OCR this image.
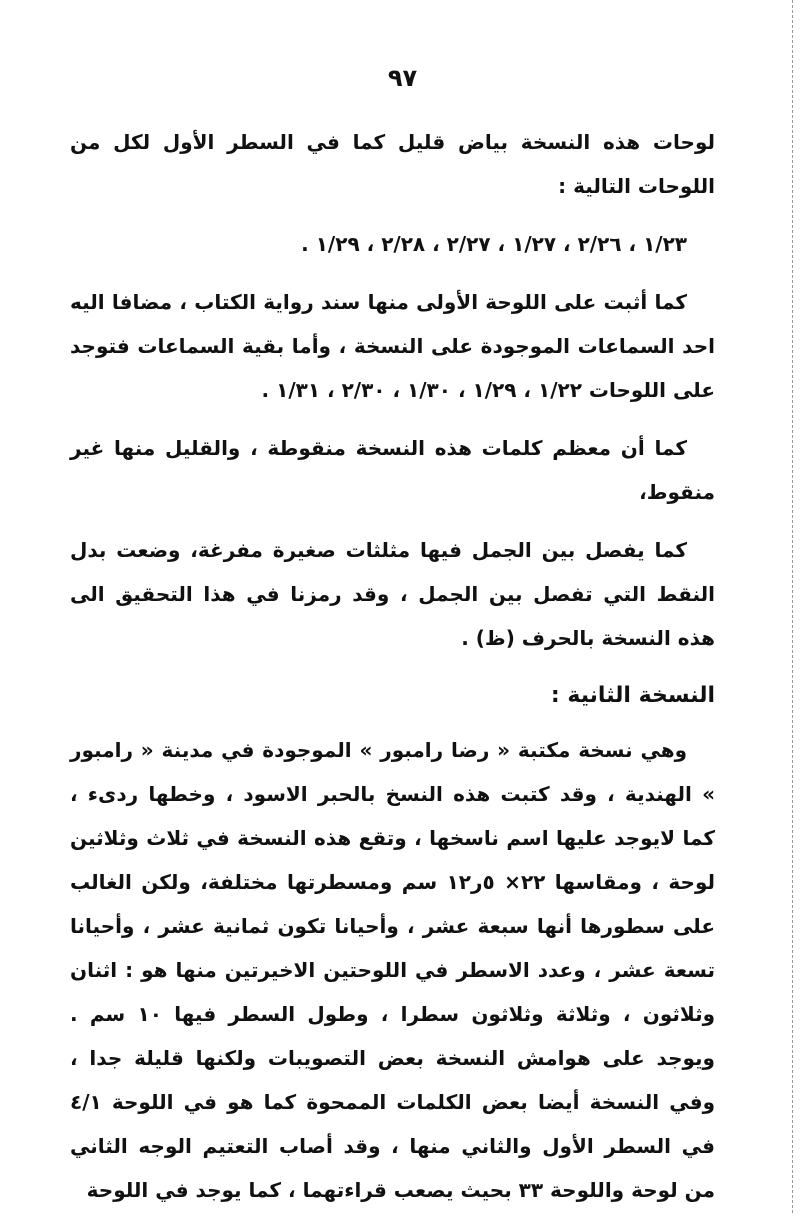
٩٧

لوحات هذه النسخة بياض قليل كما في السطر الأول لكل من اللوحات التالية :

١/٢٣ ، ٢/٢٦ ، ١/٢٧ ، ٢/٢٧ ، ٢/٢٨ ، ١/٢٩ .

كما أثبت على اللوحة الأولى منها سند رواية الكتاب ، مضافا اليه احد السماعات الموجودة على النسخة ، وأما بقية السماعات فتوجد على اللوحات ١/٢٢ ، ١/٢٩ ، ١/٣٠ ، ٢/٣٠ ، ١/٣١ .

كما أن معظم كلمات هذه النسخة منقوطة ، والقليل منها غير منقوط،

كما يفصل بين الجمل فيها مثلثات صغيرة مفرغة، وضعت بدل النقط التي تفصل بين الجمل ، وقد رمزنا في هذا التحقيق الى هذه النسخة بالحرف (ظ) .

النسخة الثانية :

وهي نسخة مكتبة « رضا رامبور » الموجودة في مدينة « رامبور » الهندية ، وقد كتبت هذه النسخ بالحبر الاسود ، وخطها ردىء ، كما لايوجد عليها اسم ناسخها ، وتقع هذه النسخة في ثلاث وثلاثين لوحة ، ومقاسها ٢٢× ٥ر١٢ سم ومسطرتها مختلفة، ولكن الغالب على سطورها أنها سبعة عشر ، وأحيانا تكون ثمانية عشر ، وأحيانا تسعة عشر ، وعدد الاسطر في اللوحتين الاخيرتين منها هو : اثنان وثلاثون ، وثلاثة وثلاثون سطرا ، وطول السطر فيها ١٠ سم . ويوجد على هوامش النسخة بعض التصويبات ولكنها قليلة جدا ، وفي النسخة أيضا بعض الكلمات الممحوة كما هو في اللوحة ٤/١ في السطر الأول والثاني منها ، وقد أصاب التعتيم الوجه الثاني من لوحة واللوحة ٣٣ بحيث يصعب قراءتهما ، كما يوجد في اللوحة
